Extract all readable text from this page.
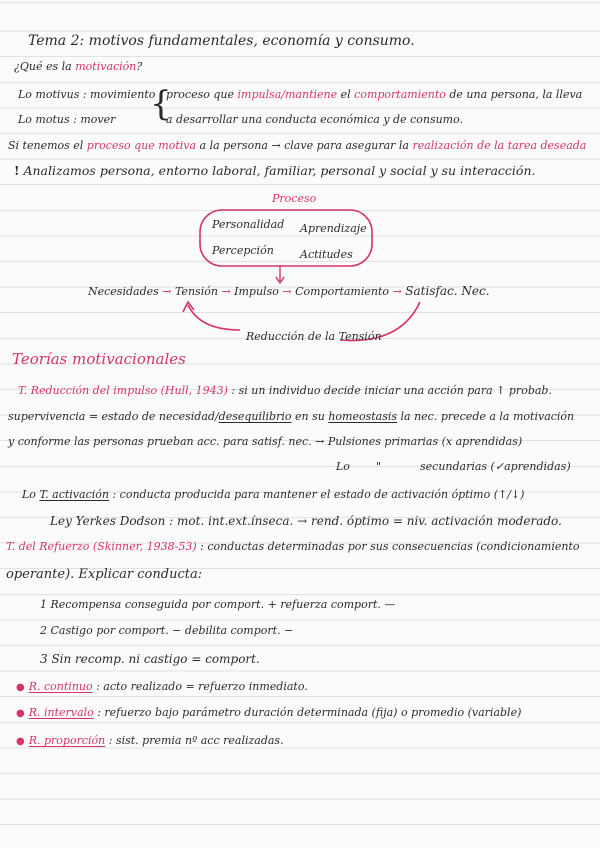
Tema 2: motivos fundamentales, economía y consumo.
¿Qué es la motivación?
Lo motivus : movimiento
Lo motus : mover
proceso que impulsa/mantiene el comportamiento de una persona, la lleva
a desarrollar una conducta económica y de consumo.
Si tenemos el proceso que motiva a la persona → clave para asegurar la realización de la tarea deseada
! Analizamos persona, entorno laboral, familiar, personal y social y su interacción.
Proceso
Personalidad Aprendizaje
Percepción Actitudes
Necesidades → Tensión → Impulso → Comportamiento → Satisfac. Nec.
Reducción de la Tensión
Teorías motivacionales
T. Reducción del impulso (Hull, 1943) : si un individuo decide iniciar una acción para ↑ probab.
supervivencia = estado de necesidad/desequilibrio en su homeostasis la nec. precede a la motivación
y conforme las personas prueban acc. para satisf. nec. → Pulsiones primarias (x aprendidas)
Lo "	secundarias (✓aprendidas)
Lo T. activación : conducta producida para mantener el estado de activación óptimo (↑/↓)
Ley Yerkes Dodson : mot. int.ext.ínseca. → rend. óptimo = niv. activación moderado.
T. del Refuerzo (Skinner, 1938-53) : conductas determinadas por sus consecuencias (condicionamiento
operante). Explicar conducta:
1 Recompensa conseguida por comport. + refuerza comport. —
2 Castigo por comport. − debilita comport. −
3 Sin recomp. ni castigo = comport.
● R. continuo : acto realizado = refuerzo inmediato.
● R. intervalo : refuerzo bajo parámetro duración determinada (fija) o promedio (variable)
● R. proporción : sist. premia nº acc realizadas.
{
